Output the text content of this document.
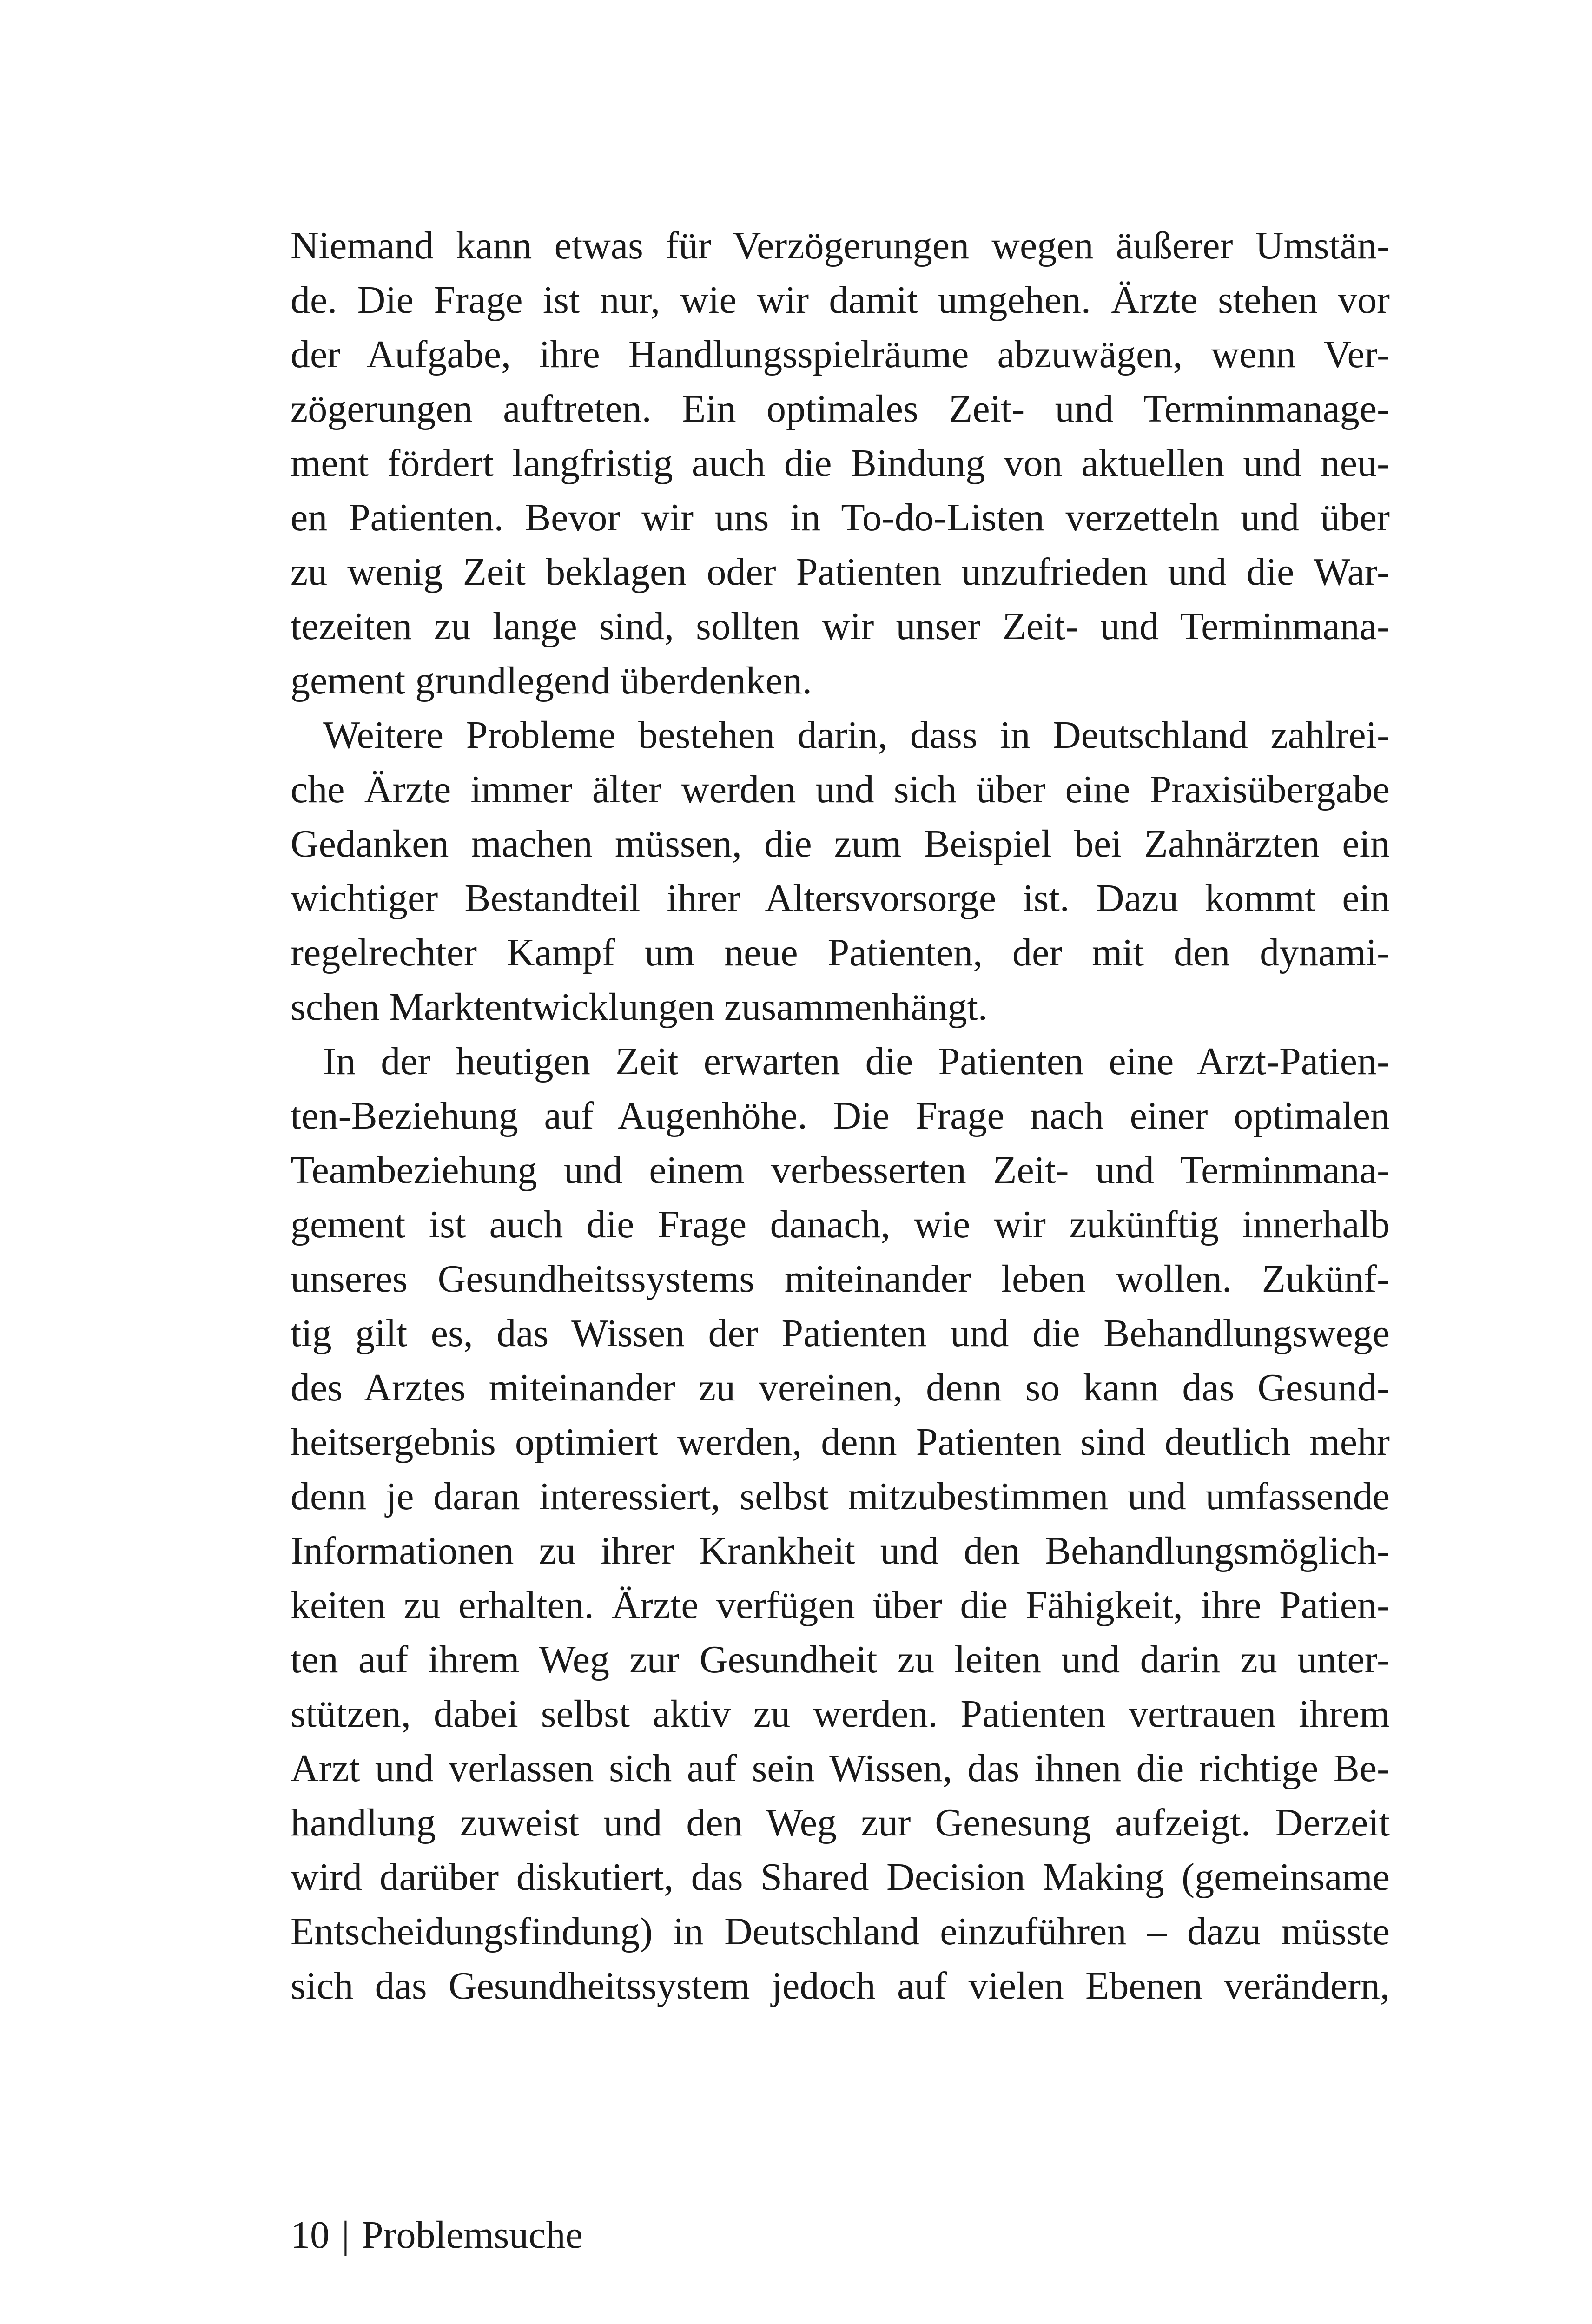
Niemand kann etwas für Verzögerungen wegen äußerer Umstän-
de. Die Frage ist nur, wie wir damit umgehen. Ärzte stehen vor
der Aufgabe, ihre Handlungsspielräume abzuwägen, wenn Ver-
zögerungen auftreten. Ein optimales Zeit- und Terminmanage-
ment fördert langfristig auch die Bindung von aktuellen und neu-
en Patienten. Bevor wir uns in To-do-Listen verzetteln und über
zu wenig Zeit beklagen oder Patienten unzufrieden und die War-
tezeiten zu lange sind, sollten wir unser Zeit- und Terminmana-
gement grundlegend überdenken.
Weitere Probleme bestehen darin, dass in Deutschland zahlrei-
che Ärzte immer älter werden und sich über eine Praxisübergabe
Gedanken machen müssen, die zum Beispiel bei Zahnärzten ein
wichtiger Bestandteil ihrer Altersvorsorge ist. Dazu kommt ein
regelrechter Kampf um neue Patienten, der mit den dynami-
schen Marktentwicklungen zusammenhängt.
In der heutigen Zeit erwarten die Patienten eine Arzt-Patien-
ten-Beziehung auf Augenhöhe. Die Frage nach einer optimalen
Teambeziehung und einem verbesserten Zeit- und Terminmana-
gement ist auch die Frage danach, wie wir zukünftig innerhalb
unseres Gesundheitssystems miteinander leben wollen. Zukünf-
tig gilt es, das Wissen der Patienten und die Behandlungswege
des Arztes miteinander zu vereinen, denn so kann das Gesund-
heitsergebnis optimiert werden, denn Patienten sind deutlich mehr
denn je daran interessiert, selbst mitzubestimmen und umfassende
Informationen zu ihrer Krankheit und den Behandlungsmöglich-
keiten zu erhalten. Ärzte verfügen über die Fähigkeit, ihre Patien-
ten auf ihrem Weg zur Gesundheit zu leiten und darin zu unter-
stützen, dabei selbst aktiv zu werden. Patienten vertrauen ihrem
Arzt und verlassen sich auf sein Wissen, das ihnen die richtige Be-
handlung zuweist und den Weg zur Genesung aufzeigt. Derzeit
wird darüber diskutiert, das Shared Decision Making (gemeinsame
Entscheidungsfindung) in Deutschland einzuführen – dazu müsste
sich das Gesundheitssystem jedoch auf vielen Ebenen verändern,
10 | Problemsuche
